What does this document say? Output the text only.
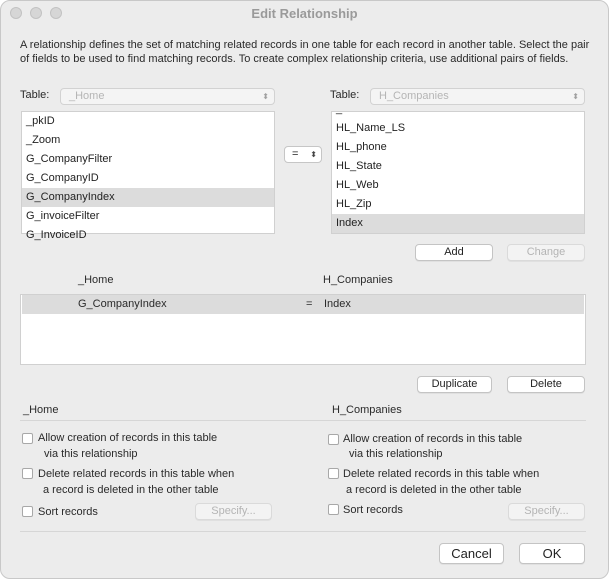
Edit Relationship
A relationship defines the set of matching related records in one table for each record in another table. Select the pair of fields to be used to find matching records. To create complex relationship criteria, use additional pairs of fields.
Table:	_Home	⬍
_pkID
_Zoom
G_CompanyFilter
G_CompanyID
G_CompanyIndex
G_invoiceFilter
G_InvoiceID
= ⬍
Table:	H_Companies	⬍
_
HL_Name_LS
HL_phone
HL_State
HL_Web
HL_Zip
Index
Add	Change
_Home	H_Companies
G_CompanyIndex	= Index
Duplicate	Delete
_Home	H_Companies
Allow creation of records in this table
via this relationship
Delete related records in this table when
a record is deleted in the other table
Sort records	Specify...
Allow creation of records in this table
via this relationship
Delete related records in this table when
a record is deleted in the other table
Sort records	Specify...
Cancel	OK
